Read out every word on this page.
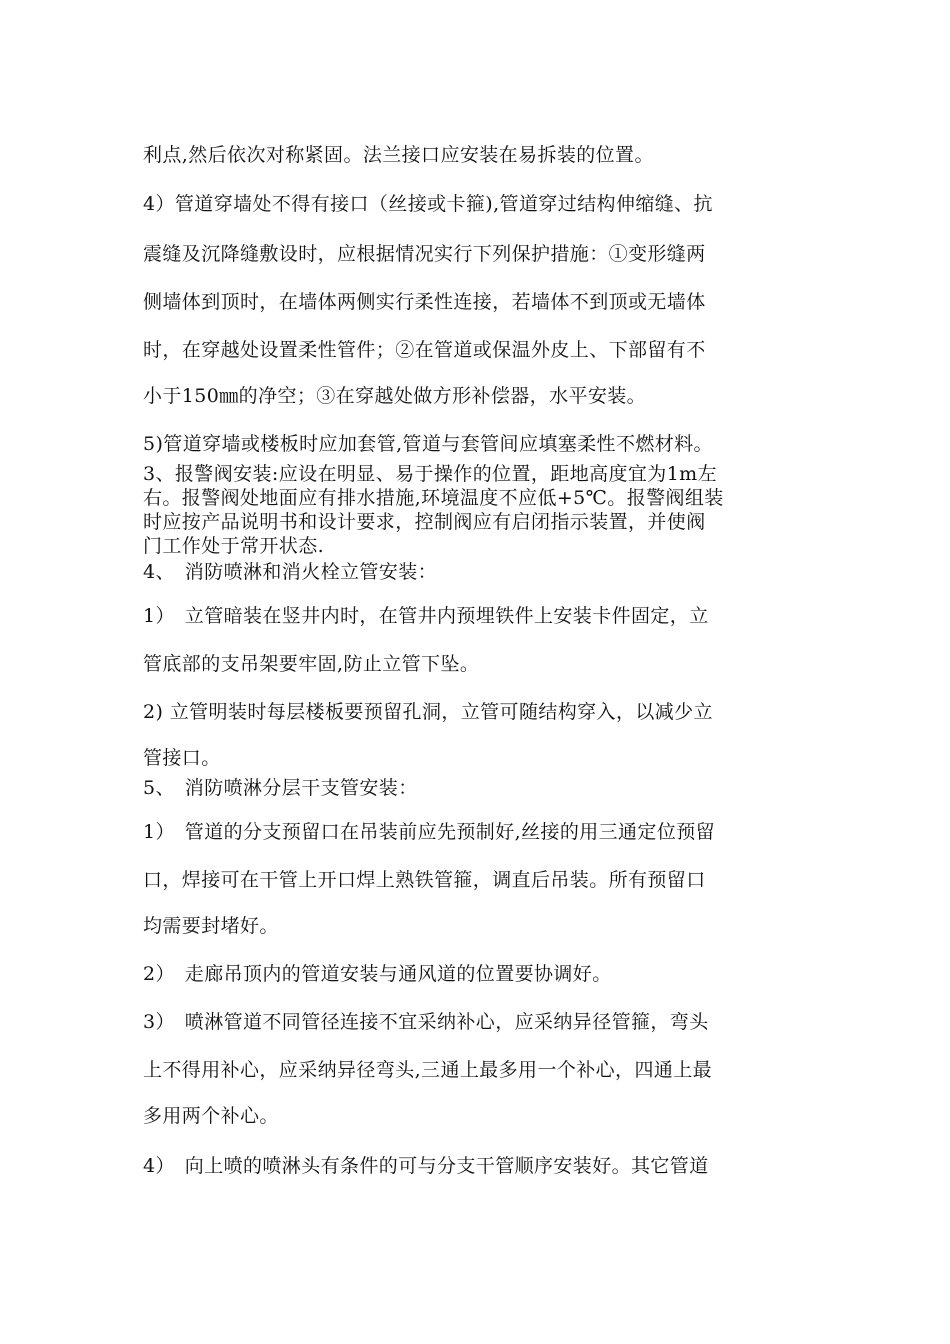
利点,然后依次对称紧固。法兰接口应安装在易拆装的位置。
4）管道穿墙处不得有接口（丝接或卡箍),管道穿过结构伸缩缝、抗
震缝及沉降缝敷设时，应根据情况实行下列保护措施：①变形缝两
侧墙体到顶时，在墙体两侧实行柔性连接，若墙体不到顶或无墙体
时，在穿越处设置柔性管件；②在管道或保温外皮上、下部留有不
小于150㎜的净空；③在穿越处做方形补偿器，水平安装。
5)管道穿墙或楼板时应加套管,管道与套管间应填塞柔性不燃材料。
3、报警阀安装:应设在明显、易于操作的位置，距地高度宜为1m左
右。报警阀处地面应有排水措施,环境温度不应低+5℃。报警阀组装
时应按产品说明书和设计要求，控制阀应有启闭指示装置，并使阀
门工作处于常开状态.
4、　消防喷淋和消火栓立管安装：
1）　立管暗装在竖井内时，在管井内预埋铁件上安装卡件固定，立
管底部的支吊架要牢固,防止立管下坠。
2) 立管明装时每层楼板要预留孔洞，立管可随结构穿入，以减少立
管接口。
5、　消防喷淋分层干支管安装：
1）　管道的分支预留口在吊装前应先预制好,丝接的用三通定位预留
口，焊接可在干管上开口焊上熟铁管箍，调直后吊装。所有预留口
均需要封堵好。
2）　走廊吊顶内的管道安装与通风道的位置要协调好。
3）　喷淋管道不同管径连接不宜采纳补心，应采纳异径管箍，弯头
上不得用补心，应采纳异径弯头,三通上最多用一个补心，四通上最
多用两个补心。
4）　向上喷的喷淋头有条件的可与分支干管顺序安装好。其它管道
